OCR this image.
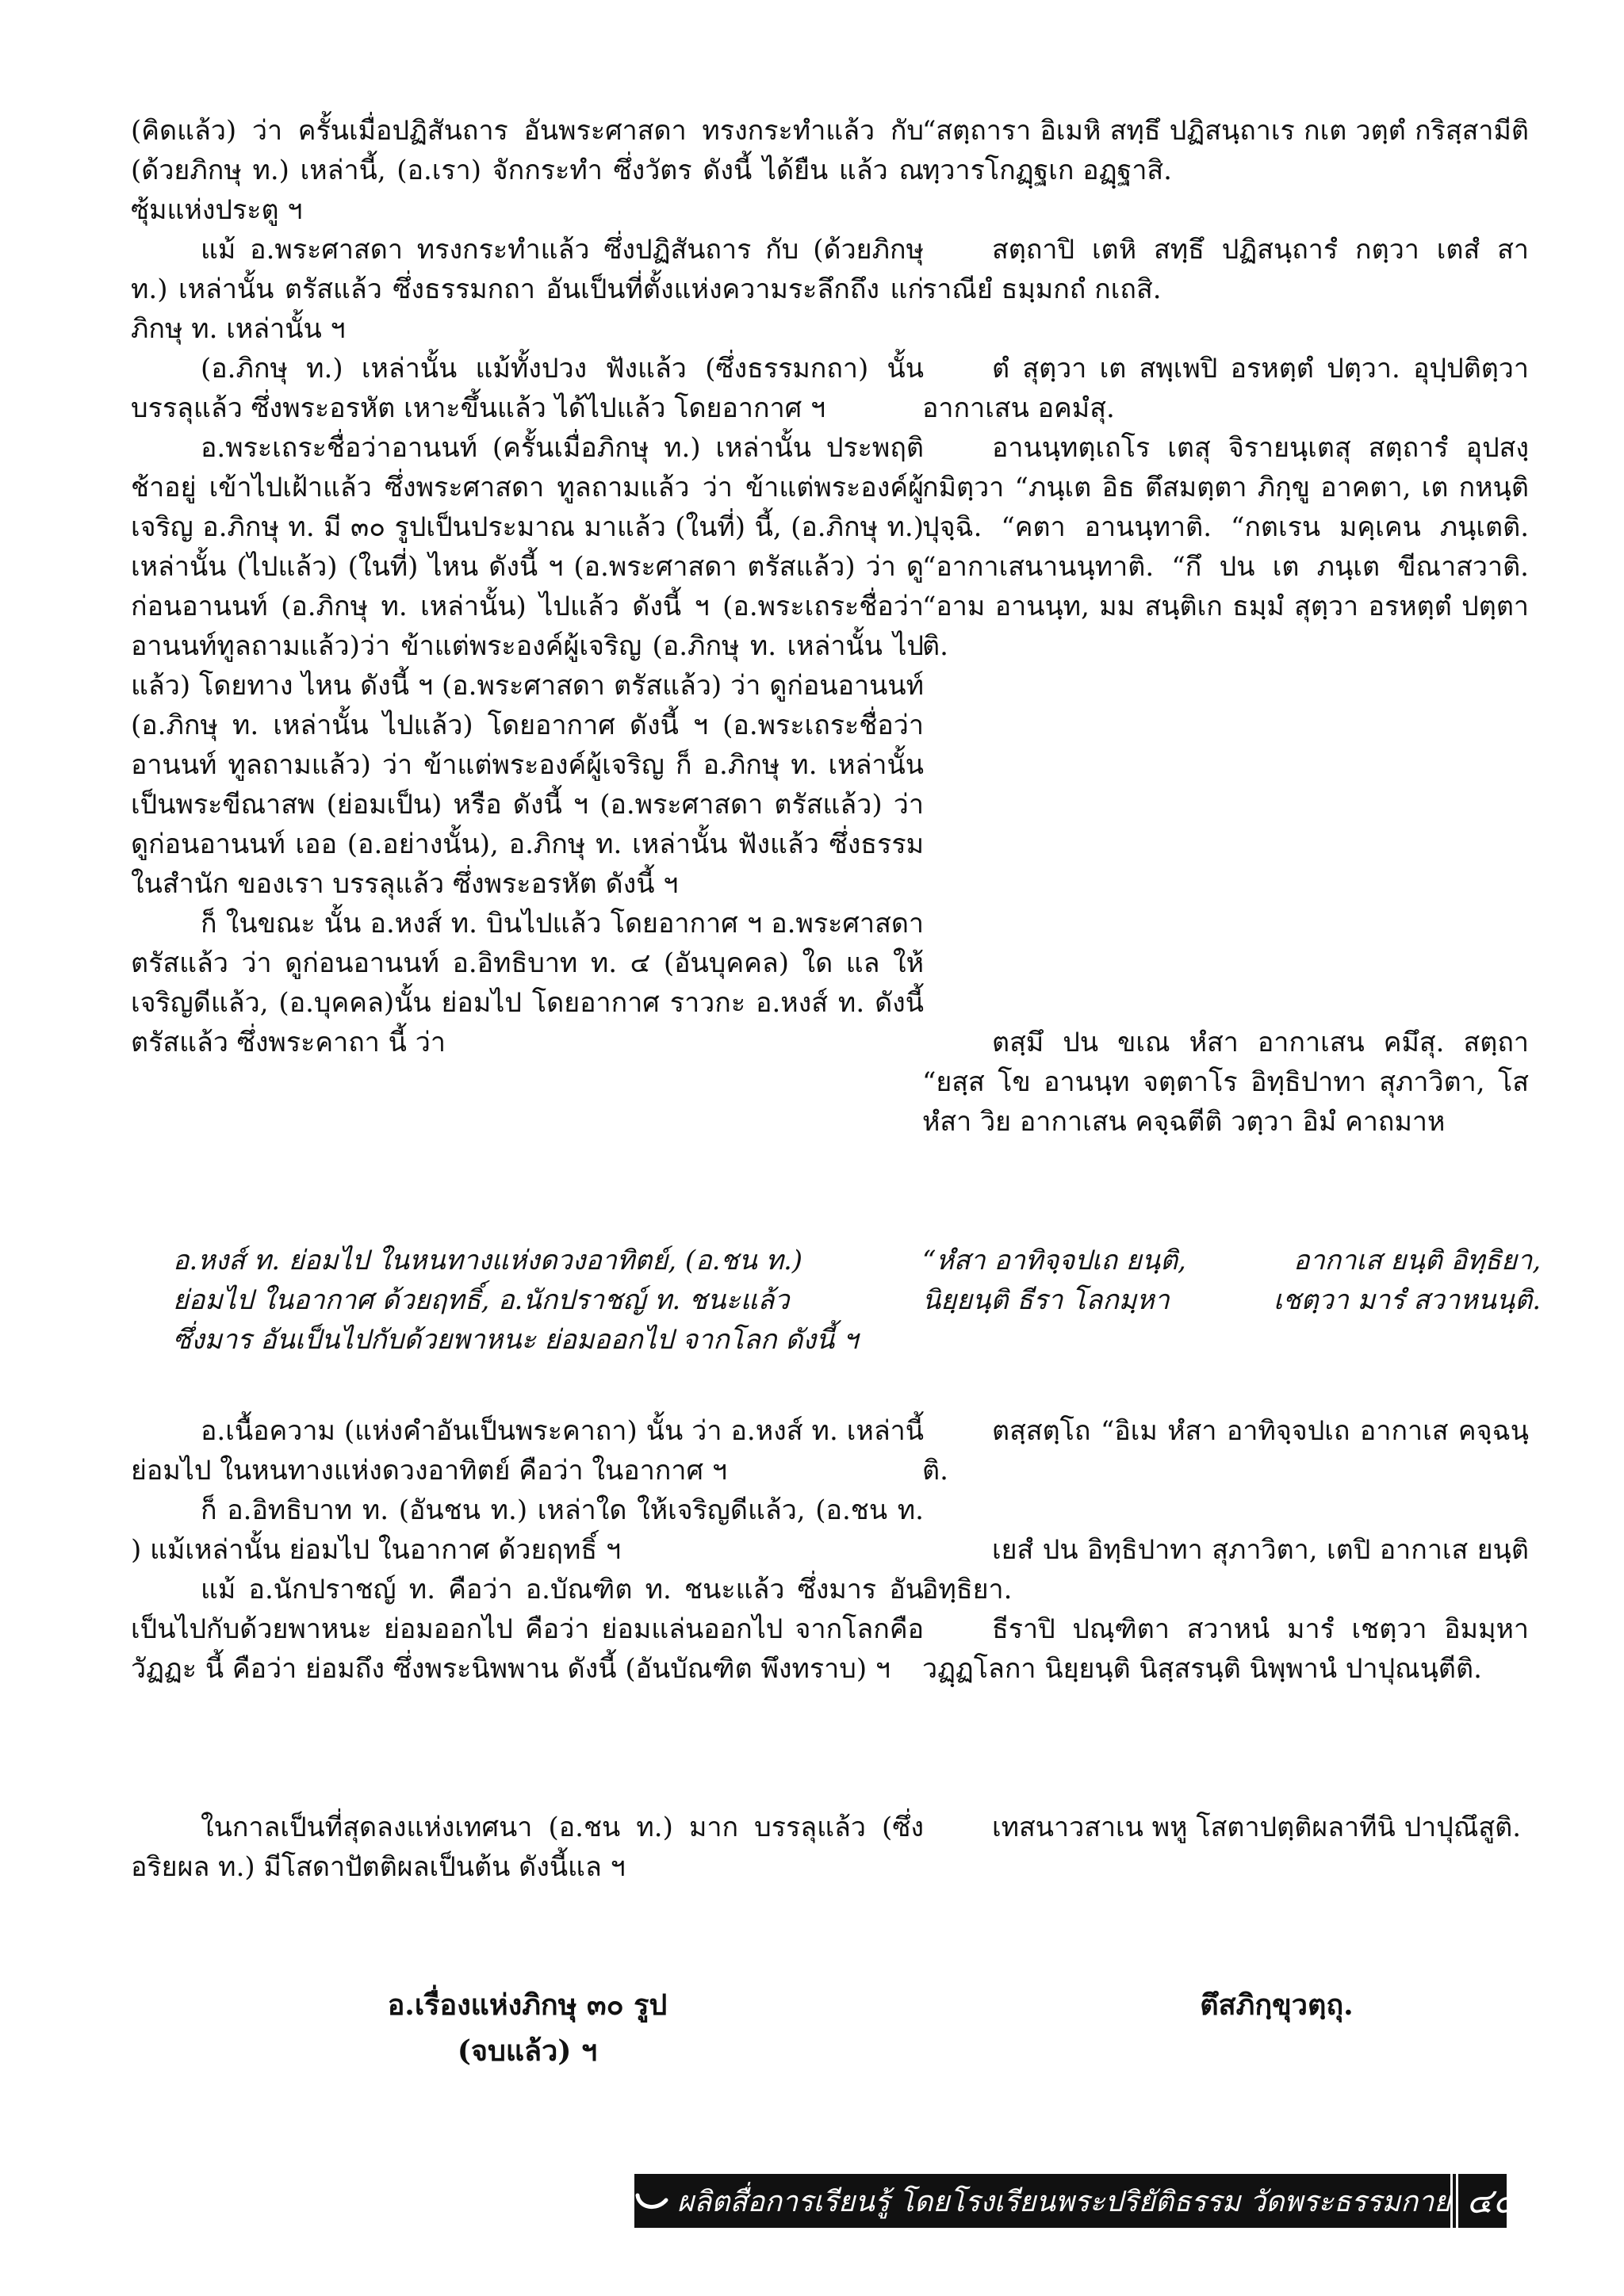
(คิดแล้ว) ว่า ครั้นเมื่อปฏิสันถาร อันพระศาสดา ทรงกระทำแล้ว กับ (ด้วยภิกษุ ท.) เหล่านี้, (อ.เรา) จักกระทำ ซึ่งวัตร ดังนี้ ได้ยืน แล้ว ณ ซุ้มแห่งประตู ฯ

แม้ อ.พระศาสดา ทรงกระทำแล้ว ซึ่งปฏิสันถาร กับ (ด้วยภิกษุ ท.) เหล่านั้น ตรัสแล้ว ซึ่งธรรมกถา อันเป็นที่ตั้งแห่งความระลึกถึง แก่ภิกษุ ท. เหล่านั้น ฯ

(อ.ภิกษุ ท.) เหล่านั้น แม้ทั้งปวง ฟังแล้ว (ซึ่งธรรมกถา) นั้น บรรลุแล้ว ซึ่งพระอรหัต เหาะขึ้นแล้ว ได้ไปแล้ว โดยอากาศ ฯ

อ.พระเถระชื่อว่าอานนท์ (ครั้นเมื่อภิกษุ ท.) เหล่านั้น ประพฤติช้าอยู่ เข้าไปเฝ้าแล้ว ซึ่งพระศาสดา ทูลถามแล้ว ว่า ข้าแต่พระองค์ผู้เจริญ อ.ภิกษุ ท. มี ๓๐ รูปเป็นประมาณ มาแล้ว (ในที่) นี้, (อ.ภิกษุ ท.) เหล่านั้น (ไปแล้ว) (ในที่) ไหน ดังนี้ ฯ (อ.พระศาสดา ตรัสแล้ว) ว่า ดูก่อนอานนท์ (อ.ภิกษุ ท. เหล่านั้น) ไปแล้ว ดังนี้ ฯ (อ.พระเถระชื่อว่า อานนท์ทูลถามแล้ว)ว่า ข้าแต่พระองค์ผู้เจริญ (อ.ภิกษุ ท. เหล่านั้น ไปแล้ว) โดยทาง ไหน ดังนี้ ฯ (อ.พระศาสดา ตรัสแล้ว) ว่า ดูก่อนอานนท์ (อ.ภิกษุ ท. เหล่านั้น ไปแล้ว) โดยอากาศ ดังนี้ ฯ (อ.พระเถระชื่อว่าอานนท์ ทูลถามแล้ว) ว่า ข้าแต่พระองค์ผู้เจริญ ก็ อ.ภิกษุ ท. เหล่านั้น เป็นพระขีณาสพ (ย่อมเป็น) หรือ ดังนี้ ฯ (อ.พระศาสดา ตรัสแล้ว) ว่า ดูก่อนอานนท์ เออ (อ.อย่างนั้น), อ.ภิกษุ ท. เหล่านั้น ฟังแล้ว ซึ่งธรรม ในสำนัก ของเรา บรรลุแล้ว ซึ่งพระอรหัต ดังนี้ ฯ

ก็ ในขณะ นั้น อ.หงส์ ท. บินไปแล้ว โดยอากาศ ฯ อ.พระศาสดา ตรัสแล้ว ว่า ดูก่อนอานนท์ อ.อิทธิบาท ท. ๔ (อันบุคคล) ใด แล ให้เจริญดีแล้ว, (อ.บุคคล)นั้น ย่อมไป โดยอากาศ ราวกะ อ.หงส์ ท. ดังนี้ ตรัสแล้ว ซึ่งพระคาถา นี้ ว่า

อ.หงส์ ท. ย่อมไป ในหนทางแห่งดวงอาทิตย์, (อ.ชน ท.)
ย่อมไป ในอากาศ ด้วยฤทธิ์, อ.นักปราชญ์ ท. ชนะแล้ว
ซึ่งมาร อันเป็นไปกับด้วยพาหนะ ย่อมออกไป จากโลก ดังนี้ ฯ

อ.เนื้อความ (แห่งคำอันเป็นพระคาถา) นั้น ว่า อ.หงส์ ท. เหล่านี้ ย่อมไป ในหนทางแห่งดวงอาทิตย์ คือว่า ในอากาศ ฯ

ก็ อ.อิทธิบาท ท. (อันชน ท.) เหล่าใด ให้เจริญดีแล้ว, (อ.ชน ท. ) แม้เหล่านั้น ย่อมไป ในอากาศ ด้วยฤทธิ์ ฯ

แม้ อ.นักปราชญ์ ท. คือว่า อ.บัณฑิต ท. ชนะแล้ว ซึ่งมาร อันเป็นไปกับด้วยพาหนะ ย่อมออกไป คือว่า ย่อมแล่นออกไป จากโลกคือวัฏฏะ นี้ คือว่า ย่อมถึง ซึ่งพระนิพพาน ดังนี้ (อันบัณฑิต พึงทราบ) ฯ

ในกาลเป็นที่สุดลงแห่งเทศนา (อ.ชน ท.) มาก บรรลุแล้ว (ซึ่งอริยผล ท.) มีโสดาปัตติผลเป็นต้น ดังนี้แล ฯ

อ.เรื่องแห่งภิกษุ ๓๐ รูป
(จบแล้ว) ฯ

“สตฺถารา อิเมหิ สทฺธึ ปฏิสนฺถาเร กเต วตฺตํ กริสฺสามีติ ทฺวารโกฏฺฐเก อฏฺฐาสิ.

สตฺถาปิ เตหิ สทฺธึ ปฏิสนฺถารํ กตฺวา เตสํ สาราณียํ ธมฺมกถํ กเถสิ.

ตํ สุตฺวา เต สพฺเพปิ อรหตฺตํ ปตฺวา. อุปฺปติตฺวา อากาเสน อคมํสุ.

อานนฺทตฺเถโร เตสุ จิรายนฺเตสุ สตฺถารํ อุปสงฺกมิตฺวา “ภนฺเต อิธ ตึสมตฺตา ภิกฺขู อาคตา, เต กหนฺติ ปุจฺฉิ. “คตา อานนฺทาติ. “กตเรน มคฺเคน ภนฺเตติ. “อากาเสนานนฺทาติ. “กึ ปน เต ภนฺเต ขีณาสวาติ. “อาม อานนฺท, มม สนฺติเก ธมฺมํ สุตฺวา อรหตฺตํ ปตฺตาติ.

ตสฺมึ ปน ขเณ หํสา อากาเสน คมึสุ. สตฺถา “ยสฺส โข อานนฺท จตฺตาโร อิทฺธิปาทา สุภาวิตา, โส หํสา วิย อากาเสน คจฺฉตีติ วตฺวา อิมํ คาถมาห

“หํสา อาทิจฺจปเถ ยนฺติ,	อากาเส ยนฺติ อิทฺธิยา,
นิยฺยนฺติ ธีรา โลกมฺหา	เชตฺวา มารํ สวาหนนฺติ.

ตสฺสตฺโถ “อิเม หํสา อาทิจฺจปเถ อากาเส คจฺฉนฺติ.

เยสํ ปน อิทฺธิปาทา สุภาวิตา, เตปิ อากาเส ยนฺติ อิทฺธิยา.

ธีราปิ ปณฺฑิตา สวาหนํ มารํ เชตฺวา อิมมฺหา วฏฺฏโลกา นิยฺยนฺติ นิสฺสรนฺติ นิพฺพานํ ปาปุณนฺตีติ.

เทสนาวสาเน พหู โสตาปตฺติผลาทีนิ ปาปุณึสูติ.

ตึสภิกฺขุวตฺถุ.
ผลิตสื่อการเรียนรู้ โดยโรงเรียนพระปริยัติธรรม วัดพระธรรมกาย ๔๕
